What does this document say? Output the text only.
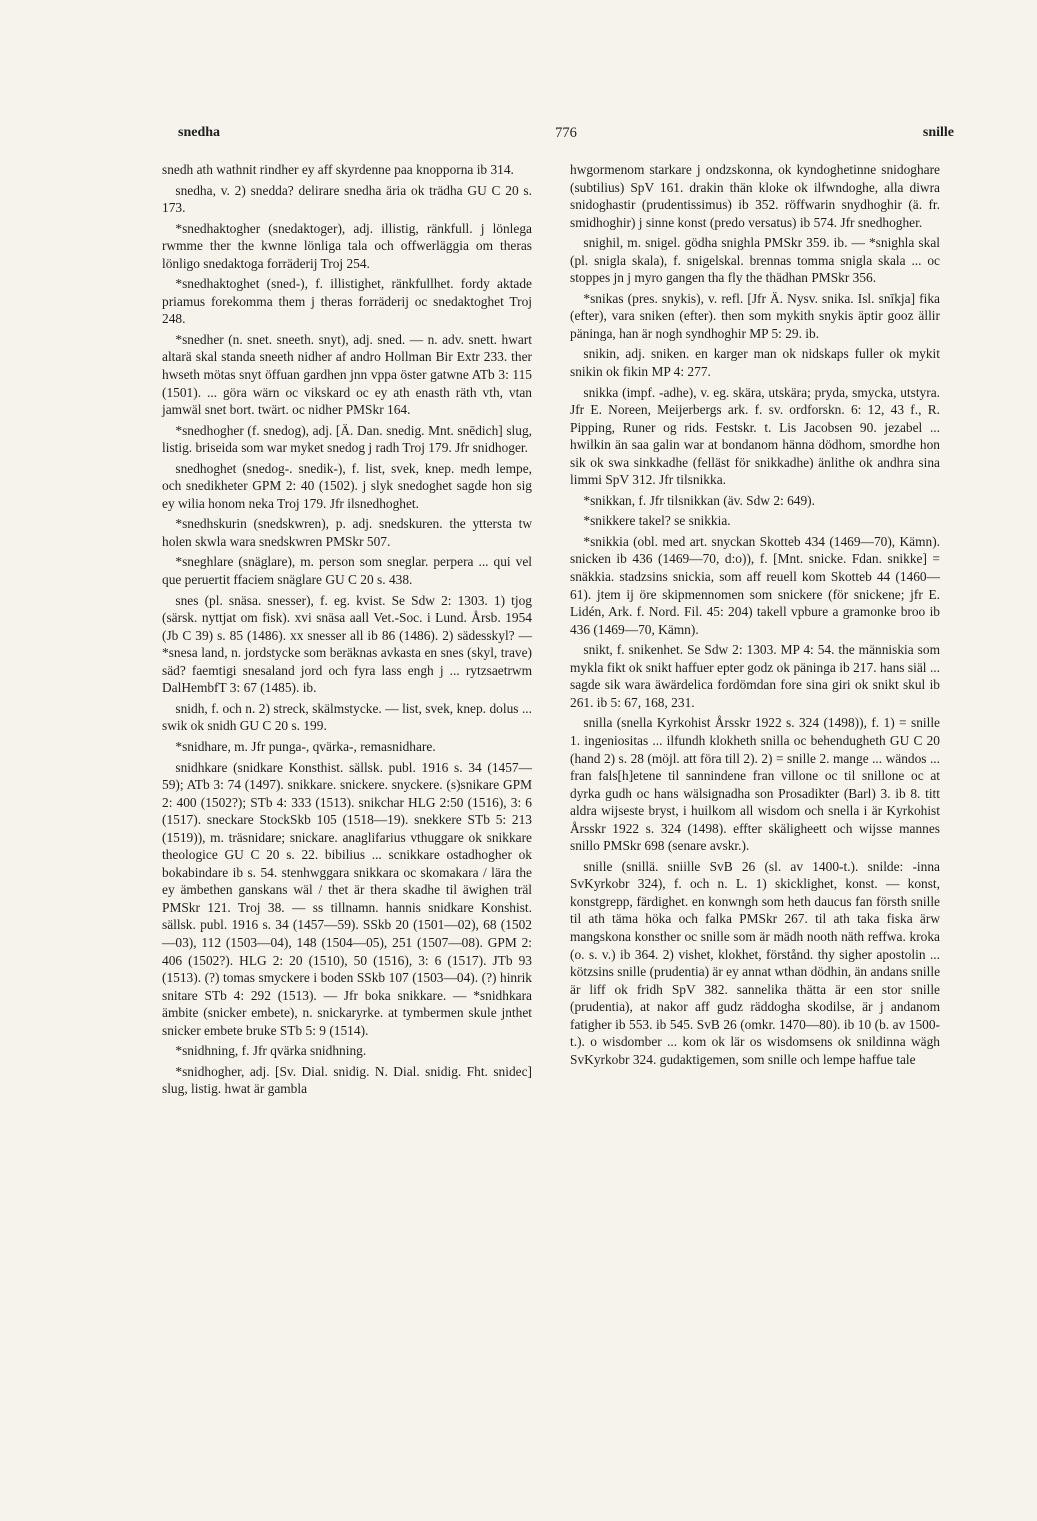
snedha	776	snille

snedh ath wathnit rindher ey aff skyrdenne paa knopporna ib 314.

snedha, v. 2) snedda? delirare snedha äria ok trädha GU C 20 s. 173.

*snedhaktogher (snedaktoger), adj. illistig, ränkfull. j lönlega rwmme ther the kwnne lönliga tala och offwerläggia om theras lönligo snedaktoga forräderij Troj 254.

*snedhaktoghet (sned-), f. illistighet, ränkfullhet. fordy aktade priamus forekomma them j theras forräderij oc snedaktoghet Troj 248.

*snedher (n. snet. sneeth. snyt), adj. sned. — n. adv. snett. hwart altarä skal standa sneeth nidher af andro Hollman Bir Extr 233. ther hwseth mötas snyt öffuan gardhen jnn vppa öster gatwne ATb 3: 115 (1501). ... göra wärn oc vikskard oc ey ath enasth räth vth, vtan jamwäl snet bort. twärt. oc nidher PMSkr 164.

*snedhogher (f. snedog), adj. [Ä. Dan. snedig. Mnt. snēdich] slug, listig. briseida som war myket snedog j radh Troj 179. Jfr snidhoger.

snedhoghet (snedog-. snedik-), f. list, svek, knep. medh lempe, och snedikheter GPM 2: 40 (1502). j slyk snedoghet sagde hon sig ey wilia honom neka Troj 179. Jfr ilsnedhoghet.

*snedhskurin (snedskwren), p. adj. snedskuren. the yttersta tw holen skwla wara snedskwren PMSkr 507.

*sneghlare (snäglare), m. person som sneglar. perpera ... qui vel que peruertit ffaciem snäglare GU C 20 s. 438.

snes (pl. snäsa. snesser), f. eg. kvist. Se Sdw 2: 1303. 1) tjog (särsk. nyttjat om fisk). xvi snäsa aall Vet.-Soc. i Lund. Årsb. 1954 (Jb C 39) s. 85 (1486). xx snesser all ib 86 (1486). 2) sädesskyl? — *snesa land, n. jordstycke som beräknas avkasta en snes (skyl, trave) säd? faemtigi snesaland jord och fyra lass engh j ... rytzsaetrwm DalHembfT 3: 67 (1485). ib.

snidh, f. och n. 2) streck, skälmstycke. — list, svek, knep. dolus ... swik ok snidh GU C 20 s. 199.

*snidhare, m. Jfr punga-, qvärka-, remasnidhare.

snidhkare (snidkare Konsthist. sällsk. publ. 1916 s. 34 (1457—59); ATb 3: 74 (1497). snikkare. snickere. snyckere. (s)snikare GPM 2: 400 (1502?); STb 4: 333 (1513). snikchar HLG 2:50 (1516), 3: 6 (1517). sneckare StockSkb 105 (1518—19). snekkere STb 5: 213 (1519)), m. träsnidare; snickare. anaglifarius vthuggare ok snikkare theologice GU C 20 s. 22. bibilius ... scnikkare ostadhogher ok bokabindare ib s. 54. stenhwggara snikkara oc skomakara / lära the ey ämbethen ganskans wäl / thet är thera skadhe til äwighen träl PMSkr 121. Troj 38. — ss tillnamn. hannis snidkare Konshist. sällsk. publ. 1916 s. 34 (1457—59). SSkb 20 (1501—02), 68 (1502—03), 112 (1503—04), 148 (1504—05), 251 (1507—08). GPM 2: 406 (1502?). HLG 2: 20 (1510), 50 (1516), 3: 6 (1517). JTb 93 (1513). (?) tomas smyckere i boden SSkb 107 (1503—04). (?) hinrik snitare STb 4: 292 (1513). — Jfr boka snikkare. — *snidhkara ämbite (snicker embete), n. snickaryrke. at tymbermen skule jnthet snicker embete bruke STb 5: 9 (1514).

*snidhning, f. Jfr qvärka snidhning.

*snidhogher, adj. [Sv. Dial. snidig. N. Dial. snidig. Fht. snidec] slug, listig. hwat är gambla

hwgormenom starkare j ondzskonna, ok kyndoghetinne snidoghare (subtilius) SpV 161. drakin thän kloke ok ilfwndoghe, alla diwra snidoghastir (prudentissimus) ib 352. röffwarin snydhoghir (ä. fr. smidhoghir) j sinne konst (predo versatus) ib 574. Jfr snedhogher.

snighil, m. snigel. gödha snighla PMSkr 359. ib. — *snighla skal (pl. snigla skala), f. snigelskal. brennas tomma snigla skala ... oc stoppes jn j myro gangen tha fly the thädhan PMSkr 356.

*snikas (pres. snykis), v. refl. [Jfr Ä. Nysv. snika. Isl. snīkja] fika (efter), vara sniken (efter). then som mykith snykis äptir gooz ällir päninga, han är nogh syndhoghir MP 5: 29. ib.

snikin, adj. sniken. en karger man ok nidskaps fuller ok mykit snikin ok fikin MP 4: 277.

snikka (impf. -adhe), v. eg. skära, utskära; pryda, smycka, utstyra. Jfr E. Noreen, Meijerbergs ark. f. sv. ordforskn. 6: 12, 43 f., R. Pipping, Runer og rids. Festskr. t. Lis Jacobsen 90. jezabel ... hwilkin än saa galin war at bondanom hänna dödhom, smordhe hon sik ok swa sinkkadhe (felläst för snikkadhe) änlithe ok andhra sina limmi SpV 312. Jfr tilsnikka.

*snikkan, f. Jfr tilsnikkan (äv. Sdw 2: 649).

*snikkere takel? se snikkia.

*snikkia (obl. med art. snyckan Skotteb 434 (1469—70), Kämn). snicken ib 436 (1469—70, d:o)), f. [Mnt. snicke. Fdan. snikke] = snäkkia. stadzsins snickia, som aff reuell kom Skotteb 44 (1460—61). jtem ij öre skipmennomen som snickere (för snickene; jfr E. Lidén, Ark. f. Nord. Fil. 45: 204) takell vpbure a gramonke broo ib 436 (1469—70, Kämn).

snikt, f. snikenhet. Se Sdw 2: 1303. MP 4: 54. the människia som mykla fikt ok snikt haffuer epter godz ok päninga ib 217. hans siäl ... sagde sik wara äwärdelica fordömdan fore sina giri ok snikt skul ib 261. ib 5: 67, 168, 231.

snilla (snella Kyrkohist Årsskr 1922 s. 324 (1498)), f. 1) = snille 1. ingeniositas ... ilfundh klokheth snilla oc behendugheth GU C 20 (hand 2) s. 28 (möjl. att föra till 2). 2) = snille 2. mange ... wändos ... fran fals[h]etene til sannindene fran villone oc til snillone oc at dyrka gudh oc hans wälsignadha son Prosadikter (Barl) 3. ib 8. titt aldra wijseste bryst, i huilkom all wisdom och snella i är Kyrkohist Årsskr 1922 s. 324 (1498). effter skäligheett och wijsse mannes snillo PMSkr 698 (senare avskr.).

snille (snillä. sniille SvB 26 (sl. av 1400-t.). snilde: -inna SvKyrkobr 324), f. och n. L. 1) skicklighet, konst. — konst, konstgrepp, färdighet. en konwngh som heth daucus fan försth snille til ath täma höka och falka PMSkr 267. til ath taka fiska ärw mangskona konsther oc snille som är mädh nooth näth reffwa. kroka (o. s. v.) ib 364. 2) vishet, klokhet, förstånd. thy sigher apostolin ... kötzsins snille (prudentia) är ey annat wthan dödhin, än andans snille är liff ok fridh SpV 382. sannelika thätta är een stor snille (prudentia), at nakor aff gudz räddogha skodilse, är j andanom fatigher ib 553. ib 545. SvB 26 (omkr. 1470—80). ib 10 (b. av 1500-t.). o wisdomber ... kom ok lär os wisdomsens ok snildinna wägh SvKyrkobr 324. gudaktigemen, som snille och lempe haffue tale
